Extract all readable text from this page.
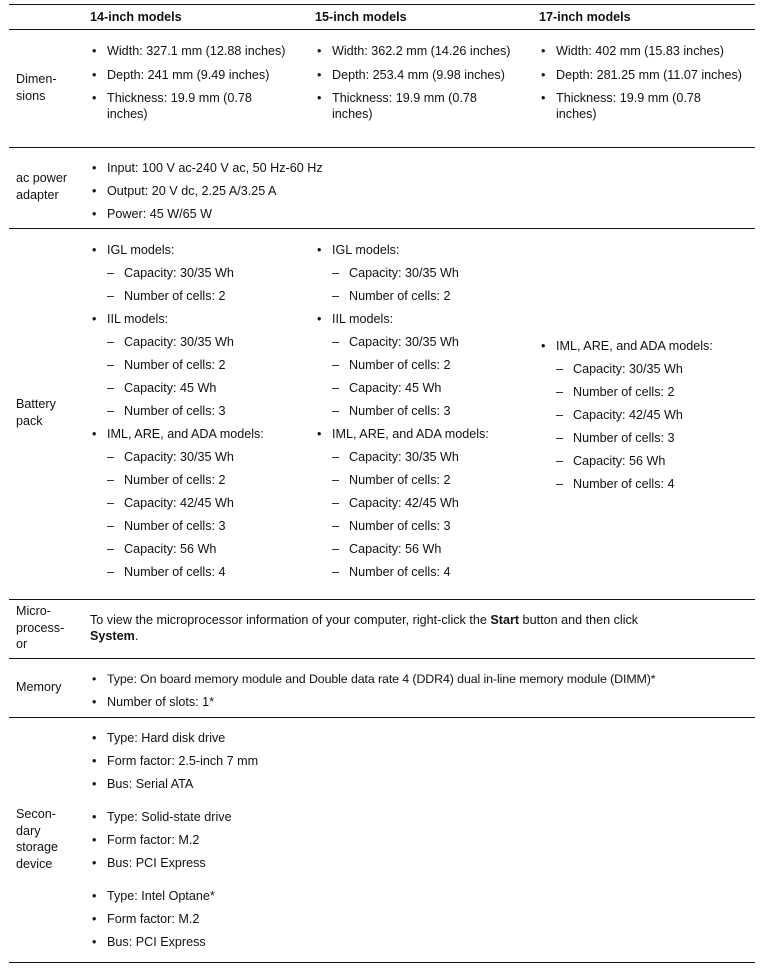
14-inch models	15-inch models	17-inch models
Dimen-
sions

• Width: 327.1 mm (12.88 inches)

• Depth: 241 mm (9.49 inches)

• Thickness: 19.9 mm (0.78 inches)

• Width: 362.2 mm (14.26 inches)

• Depth: 253.4 mm (9.98 inches)

• Thickness: 19.9 mm (0.78 inches)

• Width: 402 mm (15.83 inches)

• Depth: 281.25 mm (11.07 inches)

• Thickness: 19.9 mm (0.78 inches)

ac power
adapter

• Input: 100 V ac-240 V ac, 50 Hz-60 Hz

• Output: 20 V dc, 2.25 A/3.25 A

• Power: 45 W/65 W

Battery
pack

• IGL models:

– Capacity: 30/35 Wh

– Number of cells: 2

• IIL models:

– Capacity: 30/35 Wh

– Number of cells: 2

– Capacity: 45 Wh

– Number of cells: 3

• IML, ARE, and ADA models:

– Capacity: 30/35 Wh

– Number of cells: 2

– Capacity: 42/45 Wh

– Number of cells: 3

– Capacity: 56 Wh

– Number of cells: 4

• IGL models:

– Capacity: 30/35 Wh

– Number of cells: 2

• IIL models:

– Capacity: 30/35 Wh

– Number of cells: 2

– Capacity: 45 Wh

– Number of cells: 3

• IML, ARE, and ADA models:

– Capacity: 30/35 Wh

– Number of cells: 2

– Capacity: 42/45 Wh

– Number of cells: 3

– Capacity: 56 Wh

– Number of cells: 4

• IML, ARE, and ADA models:

– Capacity: 30/35 Wh

– Number of cells: 2

– Capacity: 42/45 Wh

– Number of cells: 3

– Capacity: 56 Wh

– Number of cells: 4

Micro-
process-
or
To view the microprocessor information of your computer, right-click the Start button and then click
System.
Memory

• Type: On board memory module and Double data rate 4 (DDR4) dual in-line memory module (DIMM)*

• Number of slots: 1*

Secon-
dary
storage
device

• Type: Hard disk drive

• Form factor: 2.5-inch 7 mm

• Bus: Serial ATA

• Type: Solid-state drive

• Form factor: M.2

• Bus: PCI Express

• Type: Intel Optane*

• Form factor: M.2

• Bus: PCI Express
